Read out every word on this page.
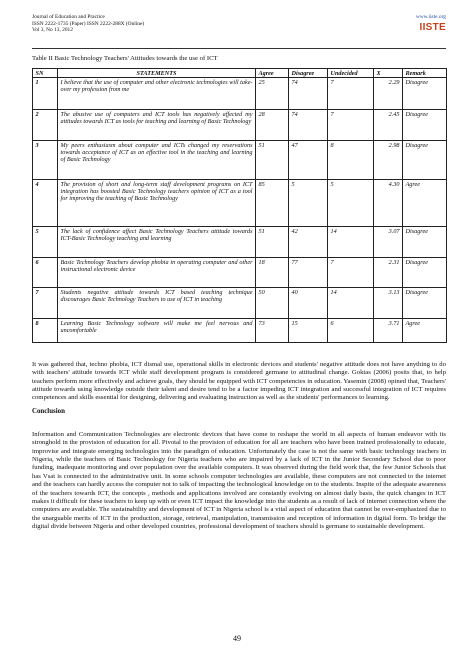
Journal of Education and Practice
ISSN 2222-1735 (Paper) ISSN 2222-288X (Online)
Vol 3, No 13, 2012
www.iiste.org
IISTE
Table II Basic Technology Teachers' Attitudes towards the use of ICT
SN	STATEMENTS	Agree	Disagree	Undecided	X	Remark
1	I believe that the use of computer and other electronic technologies will take-over my profession from me	25	74	7	2.29	Disagree
2	The abusive use of computers and ICT tools has negatively affected my attitudes towards ICT as tools for teaching and learning of Basic Technology	28	74	7	2.45	Disagree
3	My peers enthusiasm about computer and ICTs changed my reservations towards acceptance of ICT as an effective tool in the teaching and learning of Basic Technology	51	47	8	2.98	Disagree
4	The provision of short and long-term staff development programs on ICT integration has boosted Basic Technology teachers opinion of ICT as a tool for improving the teaching of Basic Technology	85	5	5	4.30	Agree
5	The lack of confidence affect Basic Technology Teachers attitude towards ICT-Basic Technology teaching and learning	51	42	14	3.07	Disagree
6	Basic Technology Teachers develop phobia in operating computer and other instructional electronic device	18	77	7	2.31	Disagree
7	Students negative attitude towards ICT based teaching technique discourages Basic Technology Teachers to use of ICT in teaching	50	40	14	3.13	Disagree
8	Learning Basic Technology software will make me feel nervous and uncomfortable	73	15	6	3.71	Agree

It was gathered that, techno phobia, ICT dismal use, operational skills in electronic devices and students' negative attitude does not have anything to do with teachers' attitude towards ICT while staff development program is considered germane to attitudinal change. Goktas (2006) posits that, to help teachers perform more effectively and achieve goals, they should be equipped with ICT competencies in education. Yasemin (2008) opined that, Teachers' attitude towards using knowledge outside their talent and desire tend to be a factor impeding ICT integration and successful integration of ICT requires competences and skills essential for designing, delivering and evaluating instruction as well as the students' performances to learning.

Conclusion

Information and Communication Technologies are electronic devices that have come to reshape the world in all aspects of human endeavor with its stronghold in the provision of education for all. Pivotal to the provision of education for all are teachers who have been trained professionally to educate, improvise and integrate emerging technologies into the paradigm of education. Unfortunately the case is not the same with basic technology teachers in Nigeria, while the teachers of Basic Technology for Nigeria teachers who are impaired by a lack of ICT in the Junior Secondary School due to poor funding, inadequate monitoring and over population over the available computers. It was observed during the field work that, the few Junior Schools that has Vsat is connected to the administrative unit. In some schools computer technologies are available, these computers are not connected to the internet and the teachers can hardly access the computer not to talk of impacting the technological knowledge on to the students. Inspite of the adequate awareness of the teachers towards ICT, the concepts , methods and applications involved are constantly evolving on almost daily basis, the quick changes in ICT makes it difficult for these teachers to keep up with or even ICT impact the knowledge into the students as a result of lack of internet connection where the computers are available. The sustainability and development of ICT in Nigeria school is a vital aspect of education that cannot be over-emphasized due to the unarguable merits of ICT in the production, storage, retrieval, manipulation, transmission and reception of information in digital form. To bridge the digital divide between Nigeria and other developed countries, professional development of teachers should is germane to sustainable development.

49
